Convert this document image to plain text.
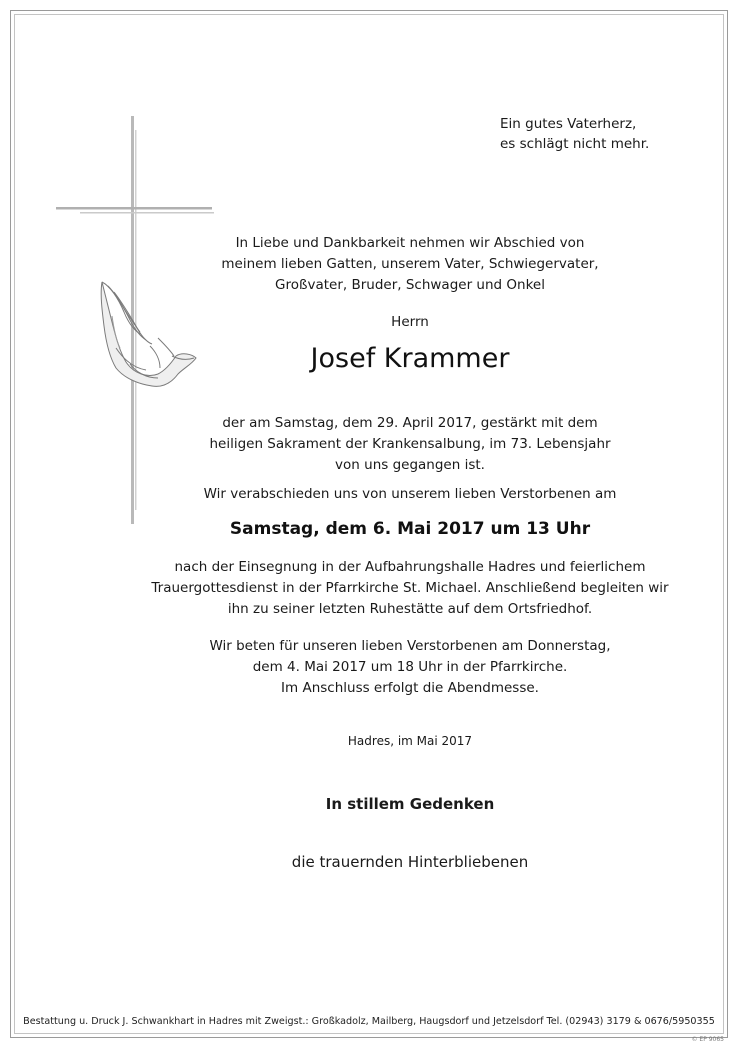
Ein gutes Vaterherz,
es schlägt nicht mehr.
In Liebe und Dankbarkeit nehmen wir Abschied von
meinem lieben Gatten, unserem Vater, Schwiegervater,
Großvater, Bruder, Schwager und Onkel
Herrn
Josef Krammer
der am Samstag, dem 29. April 2017, gestärkt mit dem
heiligen Sakrament der Krankensalbung, im 73. Lebensjahr
von uns gegangen ist.
Wir verabschieden uns von unserem lieben Verstorbenen am
Samstag, dem 6. Mai 2017 um 13 Uhr
nach der Einsegnung in der Aufbahrungshalle Hadres und feierlichem
Trauergottesdienst in der Pfarrkirche St. Michael. Anschließend begleiten wir
ihn zu seiner letzten Ruhestätte auf dem Ortsfriedhof.
Wir beten für unseren lieben Verstorbenen am Donnerstag,
dem 4. Mai 2017 um 18 Uhr in der Pfarrkirche.
Im Anschluss erfolgt die Abendmesse.
Hadres, im Mai 2017
In stillem Gedenken
die trauernden Hinterbliebenen
Bestattung u. Druck J. Schwankhart in Hadres mit Zweigst.: Großkadolz, Mailberg, Haugsdorf und Jetzelsdorf Tel. (02943) 3179 & 0676/5950355
© EP 9065
